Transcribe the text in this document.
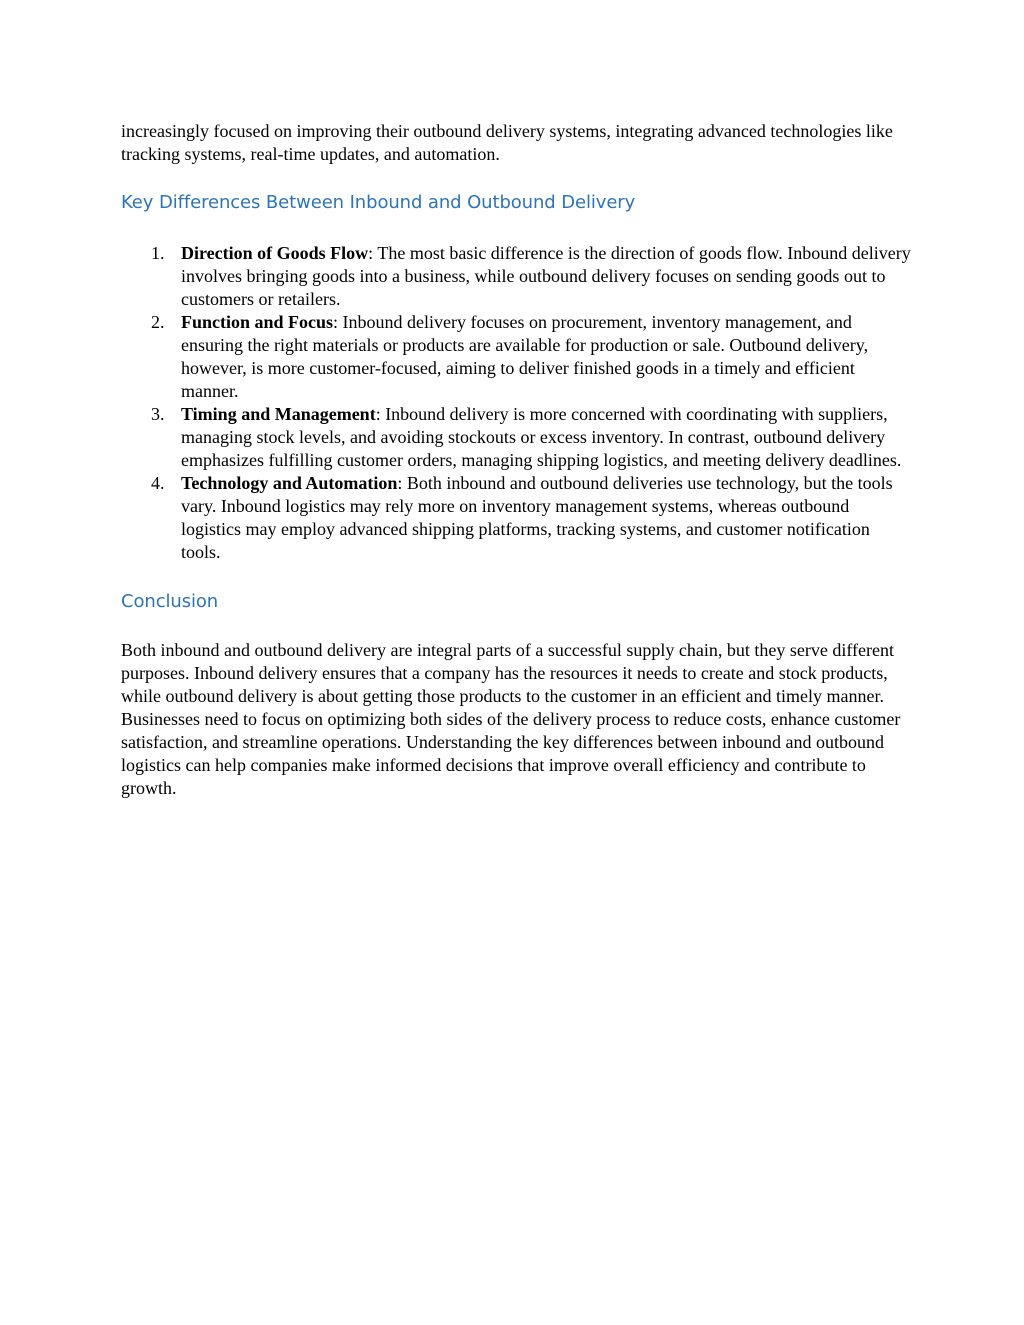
increasingly focused on improving their outbound delivery systems, integrating advanced technologies like tracking systems, real-time updates, and automation.

Key Differences Between Inbound and Outbound Delivery
1. Direction of Goods Flow: The most basic difference is the direction of goods flow. Inbound delivery involves bringing goods into a business, while outbound delivery focuses on sending goods out to customers or retailers.
2. Function and Focus: Inbound delivery focuses on procurement, inventory management, and ensuring the right materials or products are available for production or sale. Outbound delivery, however, is more customer-focused, aiming to deliver finished goods in a timely and efficient manner.
3. Timing and Management: Inbound delivery is more concerned with coordinating with suppliers, managing stock levels, and avoiding stockouts or excess inventory. In contrast, outbound delivery emphasizes fulfilling customer orders, managing shipping logistics, and meeting delivery deadlines.
4. Technology and Automation: Both inbound and outbound deliveries use technology, but the tools vary. Inbound logistics may rely more on inventory management systems, whereas outbound logistics may employ advanced shipping platforms, tracking systems, and customer notification tools.
Conclusion

Both inbound and outbound delivery are integral parts of a successful supply chain, but they serve different purposes. Inbound delivery ensures that a company has the resources it needs to create and stock products, while outbound delivery is about getting those products to the customer in an efficient and timely manner. Businesses need to focus on optimizing both sides of the delivery process to reduce costs, enhance customer satisfaction, and streamline operations. Understanding the key differences between inbound and outbound logistics can help companies make informed decisions that improve overall efficiency and contribute to growth.
